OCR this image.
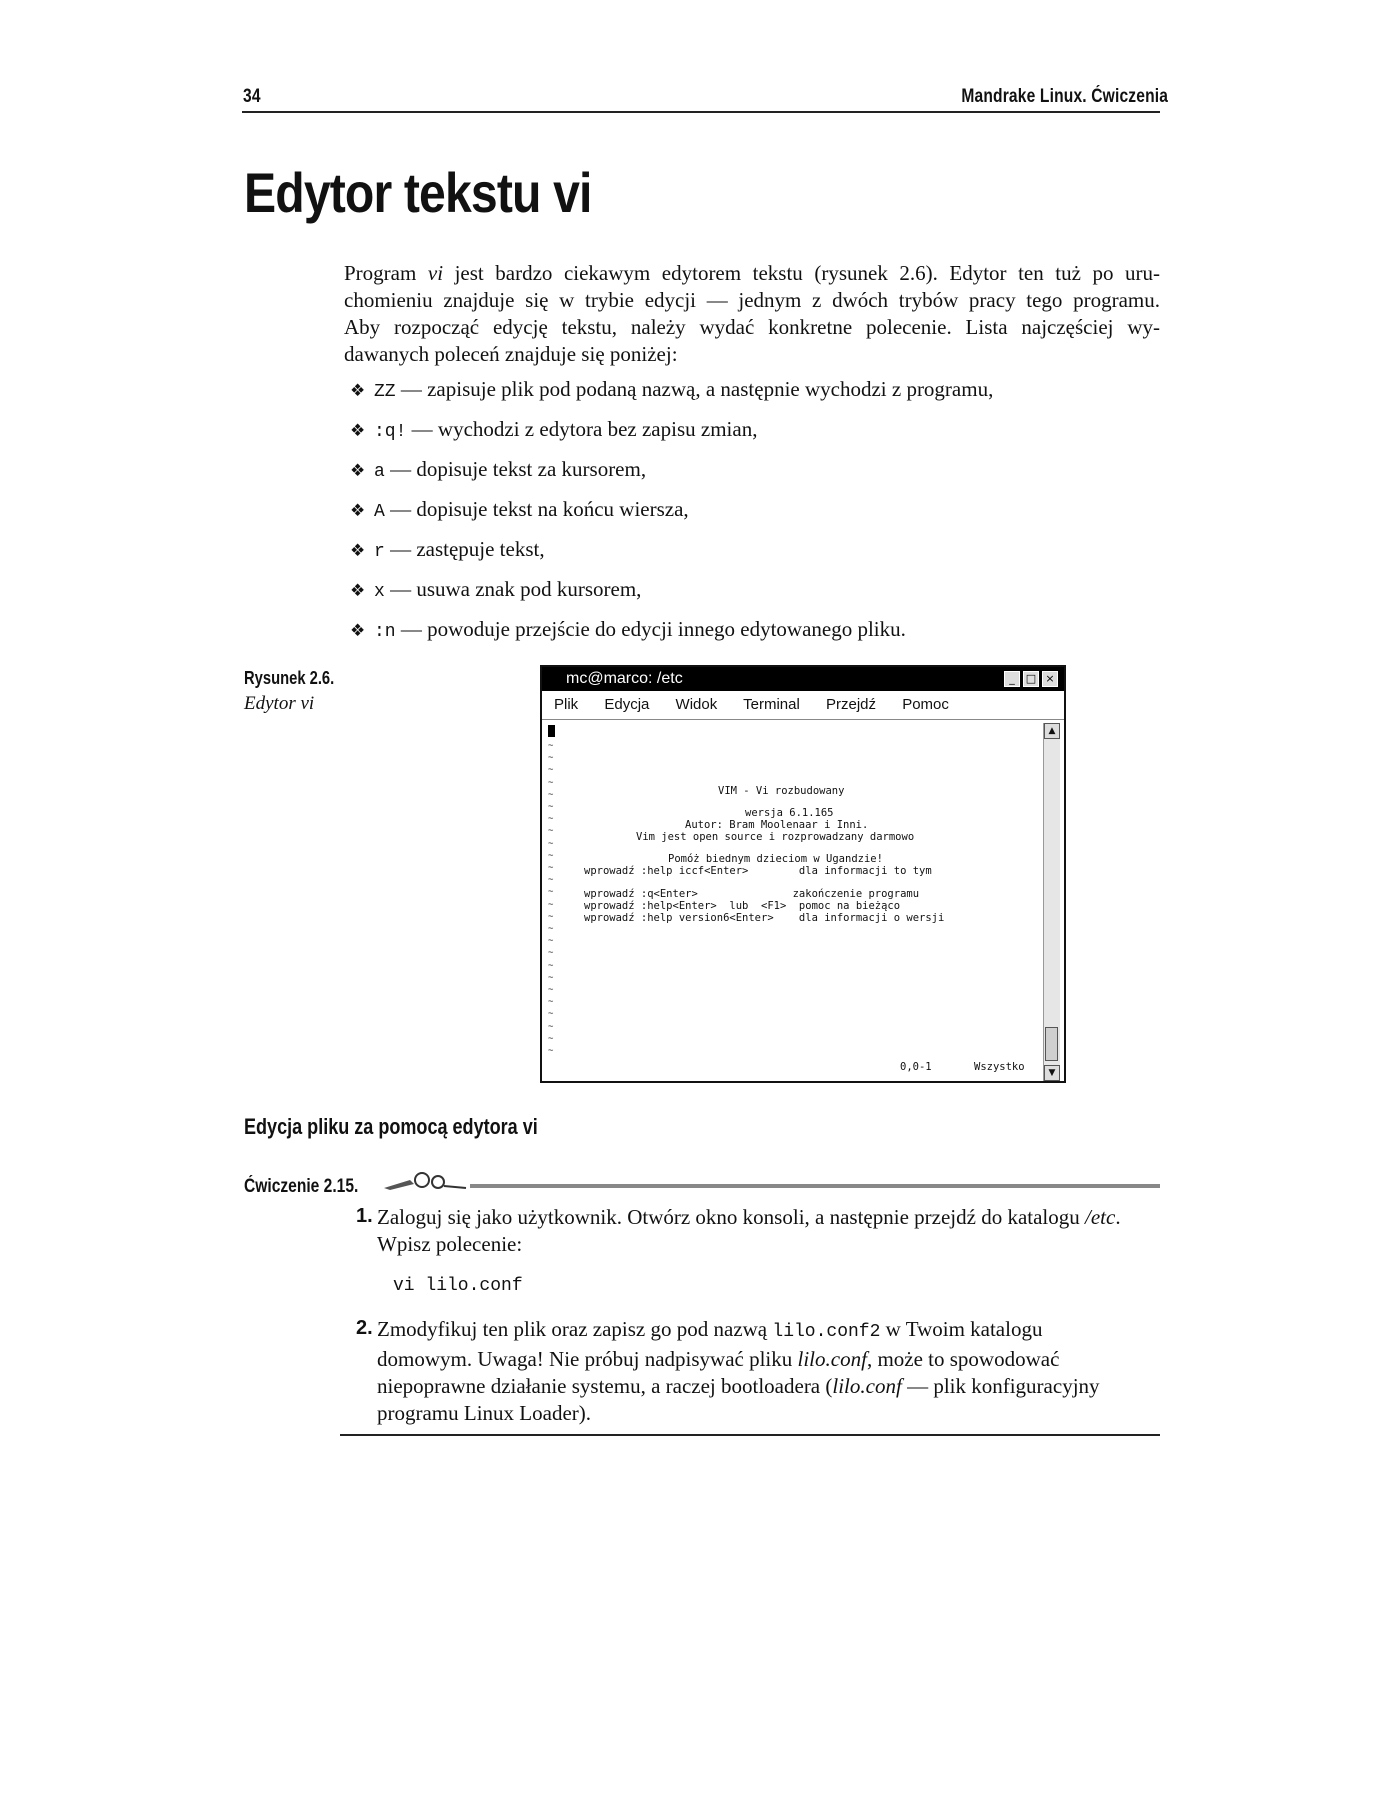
34	Mandrake Linux. Ćwiczenia
Edytor tekstu vi
Program vi jest bardzo ciekawym edytorem tekstu (rysunek 2.6). Edytor ten tuż po uru-
chomieniu znajduje się w trybie edycji — jednym z dwóch trybów pracy tego programu.
Aby rozpocząć edycję tekstu, należy wydać konkretne polecenie. Lista najczęściej wy-
dawanych poleceń znajduje się poniżej:
❖ ZZ — zapisuje plik pod podaną nazwą, a następnie wychodzi z programu,
❖ :q! — wychodzi z edytora bez zapisu zmian,
❖ a — dopisuje tekst za kursorem,
❖ A — dopisuje tekst na końcu wiersza,
❖ r — zastępuje tekst,
❖ x — usuwa znak pod kursorem,
❖ :n — powoduje przejście do edycji innego edytowanego pliku.
Rysunek 2.6.
Edytor vi
mc@marco: /etc	_	□ ×
Plik Edycja Widok Terminal Przejdź Pomoc
~
~
~
~
~
~
~
~
~
~
~
~
~
~
~
~
~
~
~
~
~
~
~
~
~
~
VIM - Vi rozbudowany
wersja 6.1.165
Autor: Bram Moolenaar i Inni.
Vim jest open source i rozprowadzany darmowo
Pomóż biednym dzieciom w Ugandzie!
wprowadź :help iccf<Enter>        dla informacji to tym
wprowadź :q<Enter>               zakończenie programu
wprowadź :help<Enter>  lub  <F1>  pomoc na bieżąco
wprowadź :help version6<Enter>    dla informacji o wersji
0,0-1	Wszystko
▲
▼
Edycja pliku za pomocą edytora vi
Ćwiczenie 2.15.
1. Zaloguj się jako użytkownik. Otwórz okno konsoli, a następnie przejdź do katalogu /etc.
Wpisz polecenie:
vi lilo.conf
2. Zmodyfikuj ten plik oraz zapisz go pod nazwą lilo.conf2 w Twoim katalogu
domowym. Uwaga! Nie próbuj nadpisywać pliku lilo.conf, może to spowodować
niepoprawne działanie systemu, a raczej bootloadera (lilo.conf — plik konfiguracyjny
programu Linux Loader).
